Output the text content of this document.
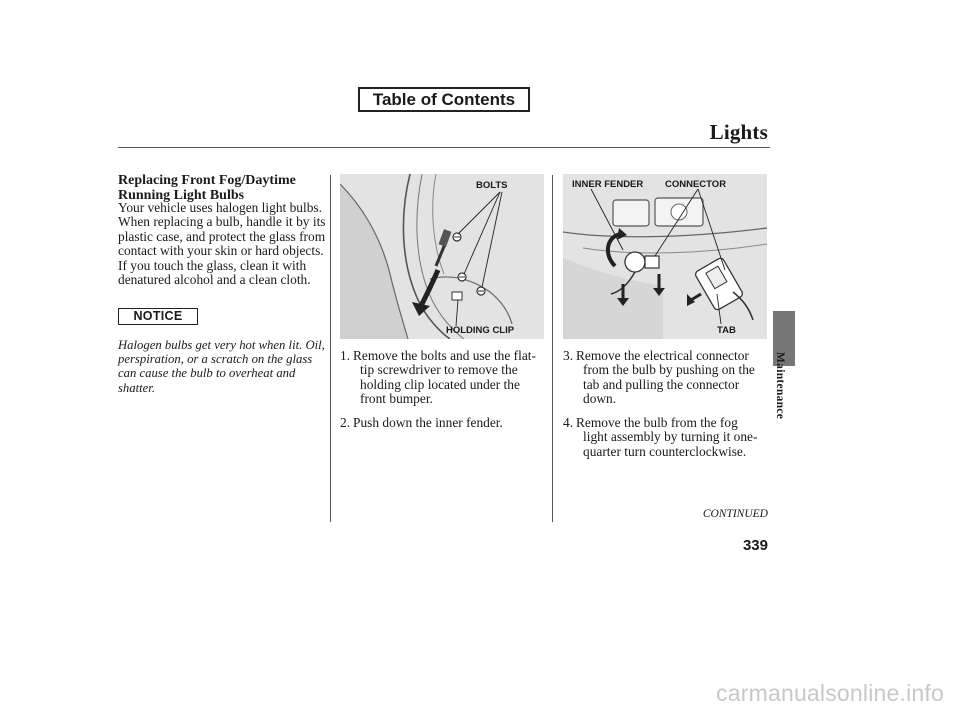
Table of Contents
Lights
Replacing Front Fog/Daytime Running Light Bulbs
Your vehicle uses halogen light bulbs. When replacing a bulb, handle it by its plastic case, and protect the glass from contact with your skin or hard objects. If you touch the glass, clean it with denatured alcohol and a clean cloth.
NOTICE
Halogen bulbs get very hot when lit. Oil, perspiration, or a scratch on the glass can cause the bulb to overheat and shatter.
BOLTS
HOLDING CLIP
INNER FENDER CONNECTOR
TAB
1. Remove the bolts and use the flat-
tip screwdriver to remove the
holding clip located under the
front bumper.
2. Push down the inner fender.
3. Remove the electrical connector
from the bulb by pushing on the
tab and pulling the connector
down.
4. Remove the bulb from the fog
light assembly by turning it one-
quarter turn counterclockwise.
CONTINUED
339
Maintenance
carmanualsonline.info
